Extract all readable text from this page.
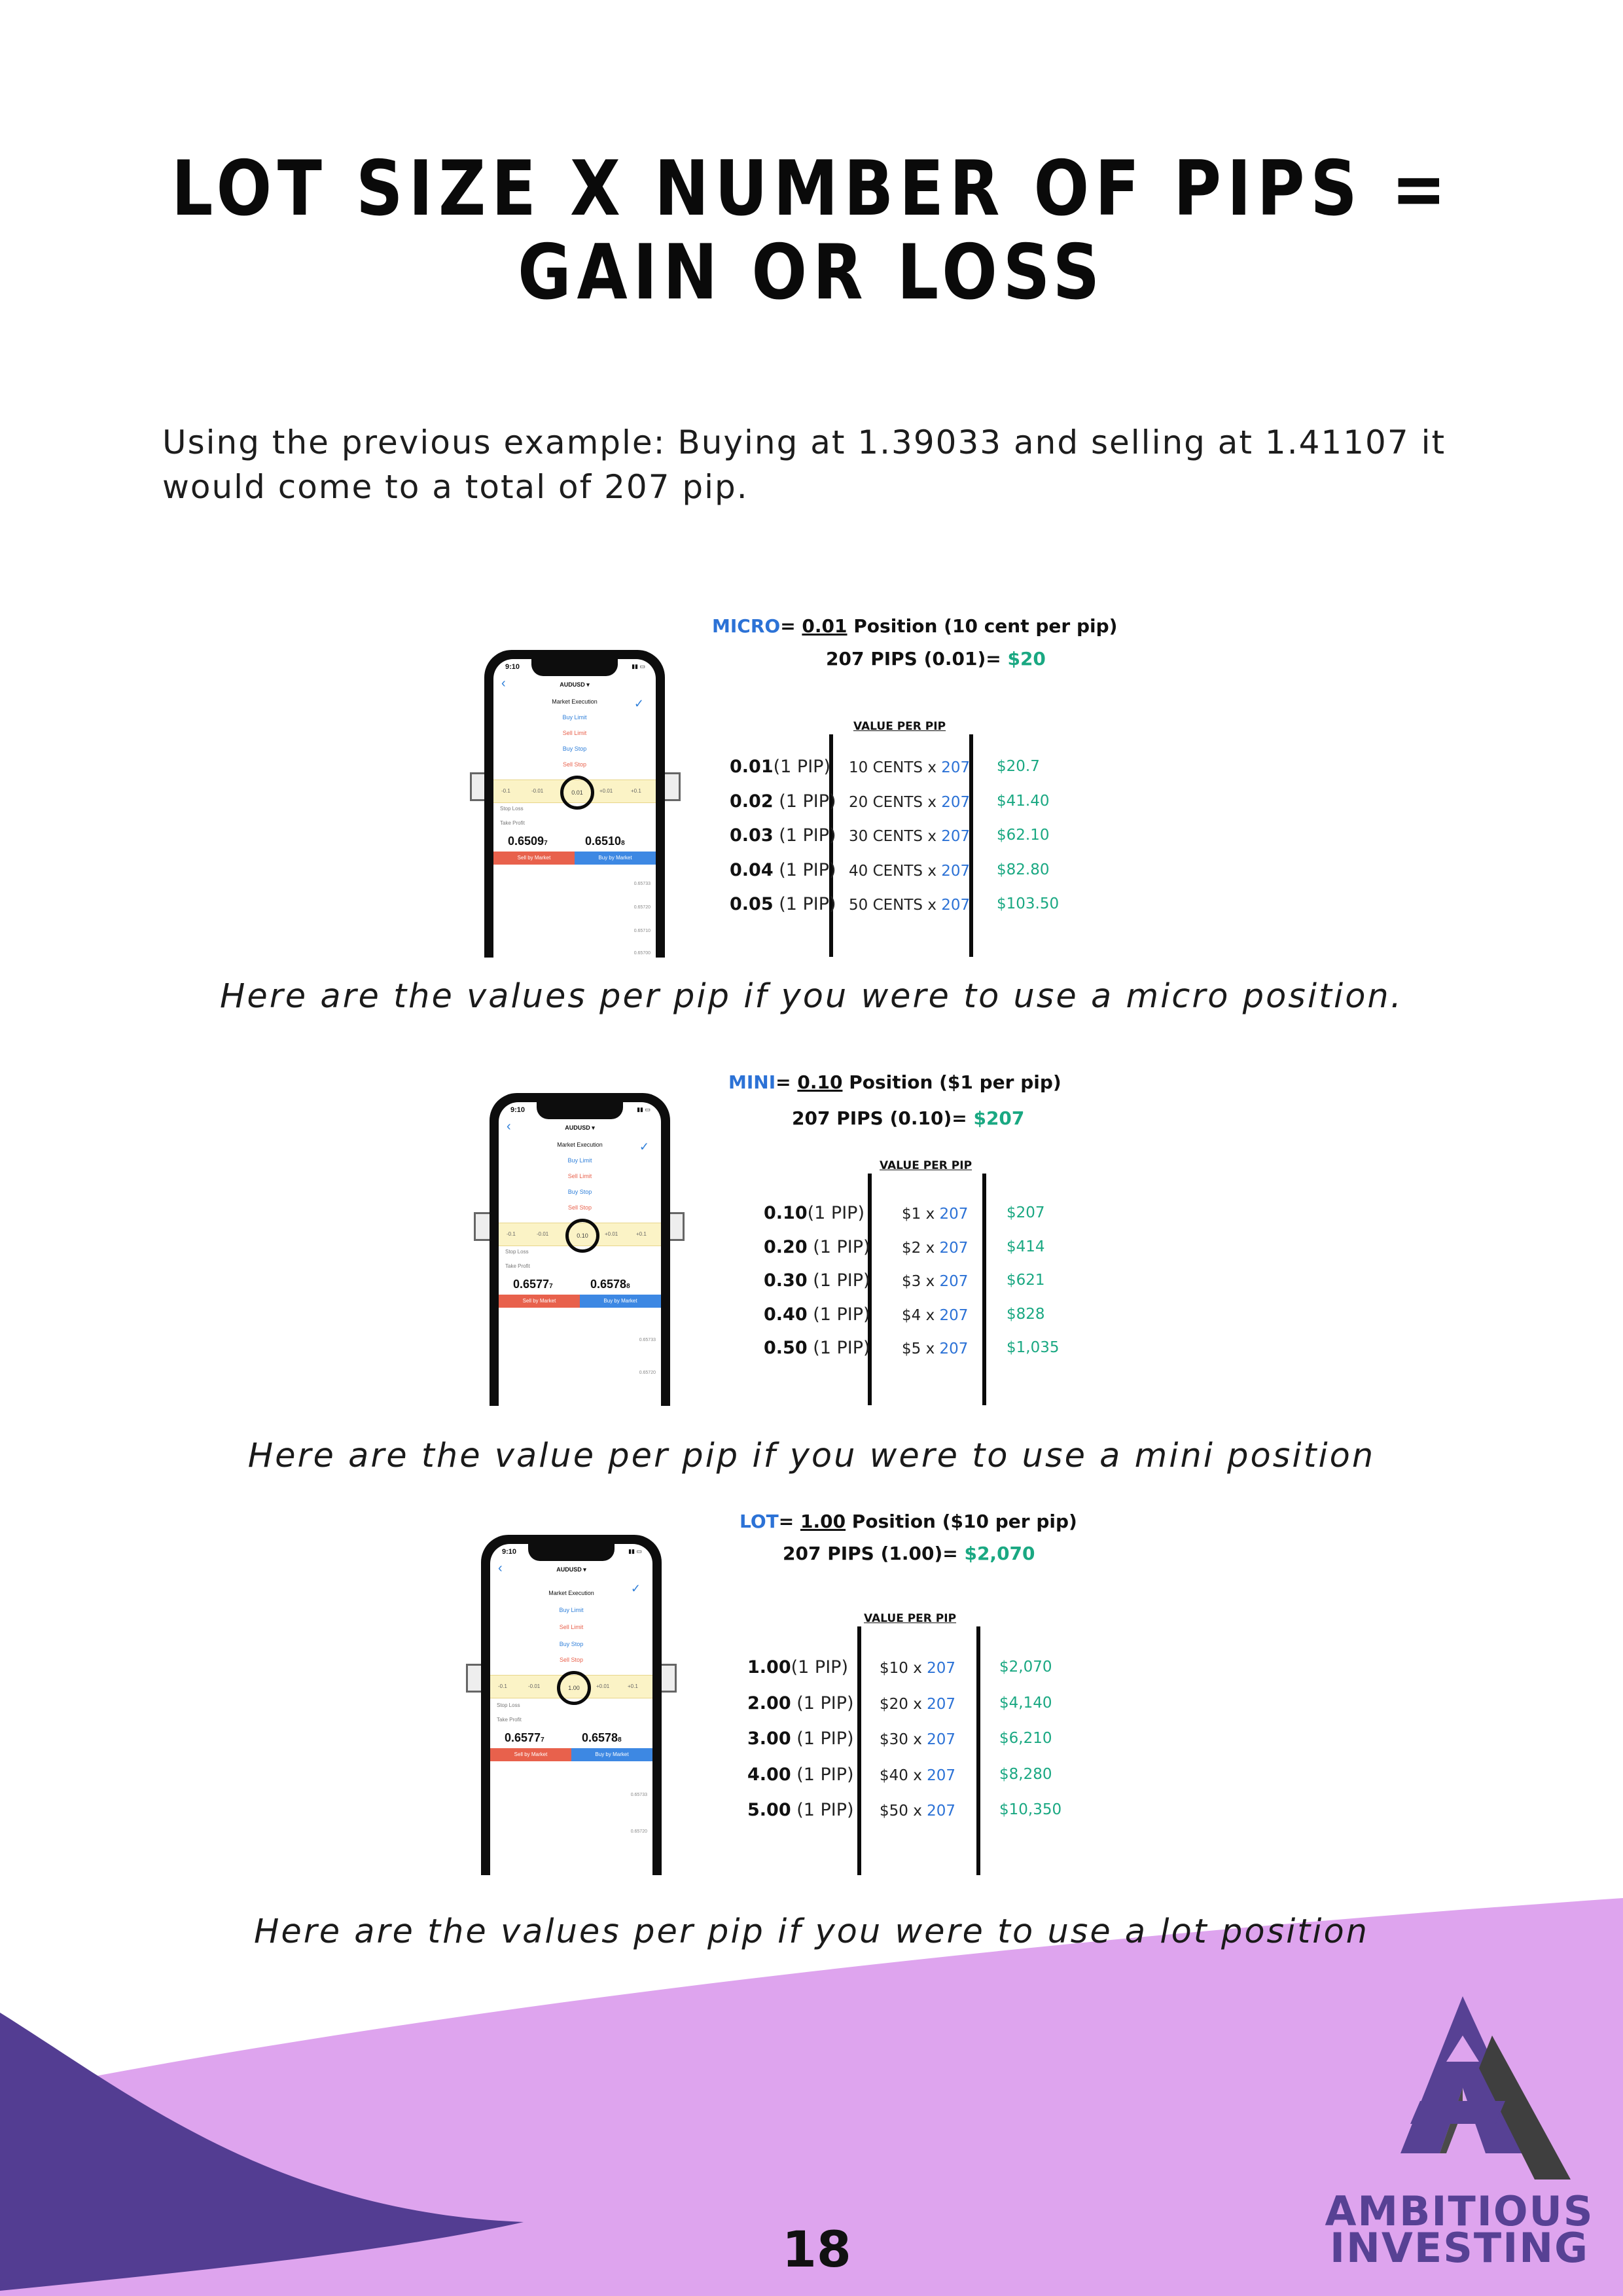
LOT SIZE X NUMBER OF PIPS =
GAIN OR LOSS
Using the previous example: Buying at 1.39033 and selling at 1.41107 it would come to a total of 207 pip.
9:10	▮▮ ▭
‹	AUDUSD ▾
✓
Market Execution
Buy Limit
Sell Limit
Buy Stop
Sell Stop
-0.1	-0.01	+0.01	+0.1
0.01
Stop Loss
Take Profit
0.65097	0.65108
Sell by Market	Buy by Market
0.65733
0.65720
0.65710
0.65700
MICRO= 0.01 Position (10 cent per pip)
207 PIPS (0.01)= $20
VALUE PER PIP
0.01(1 PIP) 10 CENTS x 207 $20.7
0.02 (1 PIP) 20 CENTS x 207 $41.40
0.03 (1 PIP) 30 CENTS x 207 $62.10
0.04 (1 PIP) 40 CENTS x 207 $82.80
0.05 (1 PIP) 50 CENTS x 207 $103.50
Here are the values per pip if you were to use a micro position.
9:10	▮▮ ▭
‹	AUDUSD ▾
✓
Market Execution
Buy Limit
Sell Limit
Buy Stop
Sell Stop
-0.1	-0.01	+0.01	+0.1
0.10
Stop Loss
Take Profit
0.65777	0.65788
Sell by Market	Buy by Market
0.65733
0.65720
MINI= 0.10 Position ($1 per pip)
207 PIPS (0.10)= $207
VALUE PER PIP
0.10(1 PIP) $1 x 207	$207
0.20 (1 PIP) $2 x 207	$414
0.30 (1 PIP) $3 x 207	$621
0.40 (1 PIP) $4 x 207	$828
0.50 (1 PIP) $5 x 207	$1,035
Here are the value per pip if you were to use a mini position
9:10	▮▮ ▭
‹	AUDUSD ▾
✓
Market Execution
Buy Limit
Sell Limit
Buy Stop
Sell Stop
-0.1	-0.01	+0.01	+0.1
1.00
Stop Loss
Take Profit
0.65777	0.65788
Sell by Market	Buy by Market
0.65733
0.65720
LOT= 1.00 Position ($10 per pip)
207 PIPS (1.00)= $2,070
VALUE PER PIP
1.00(1 PIP) $10 x 207	$2,070
2.00 (1 PIP) $20 x 207	$4,140
3.00 (1 PIP) $30 x 207	$6,210
4.00 (1 PIP) $40 x 207	$8,280
5.00 (1 PIP) $50 x 207	$10,350
Here are the values per pip if you were to use a lot position
18
AMBITIOUS
INVESTING
